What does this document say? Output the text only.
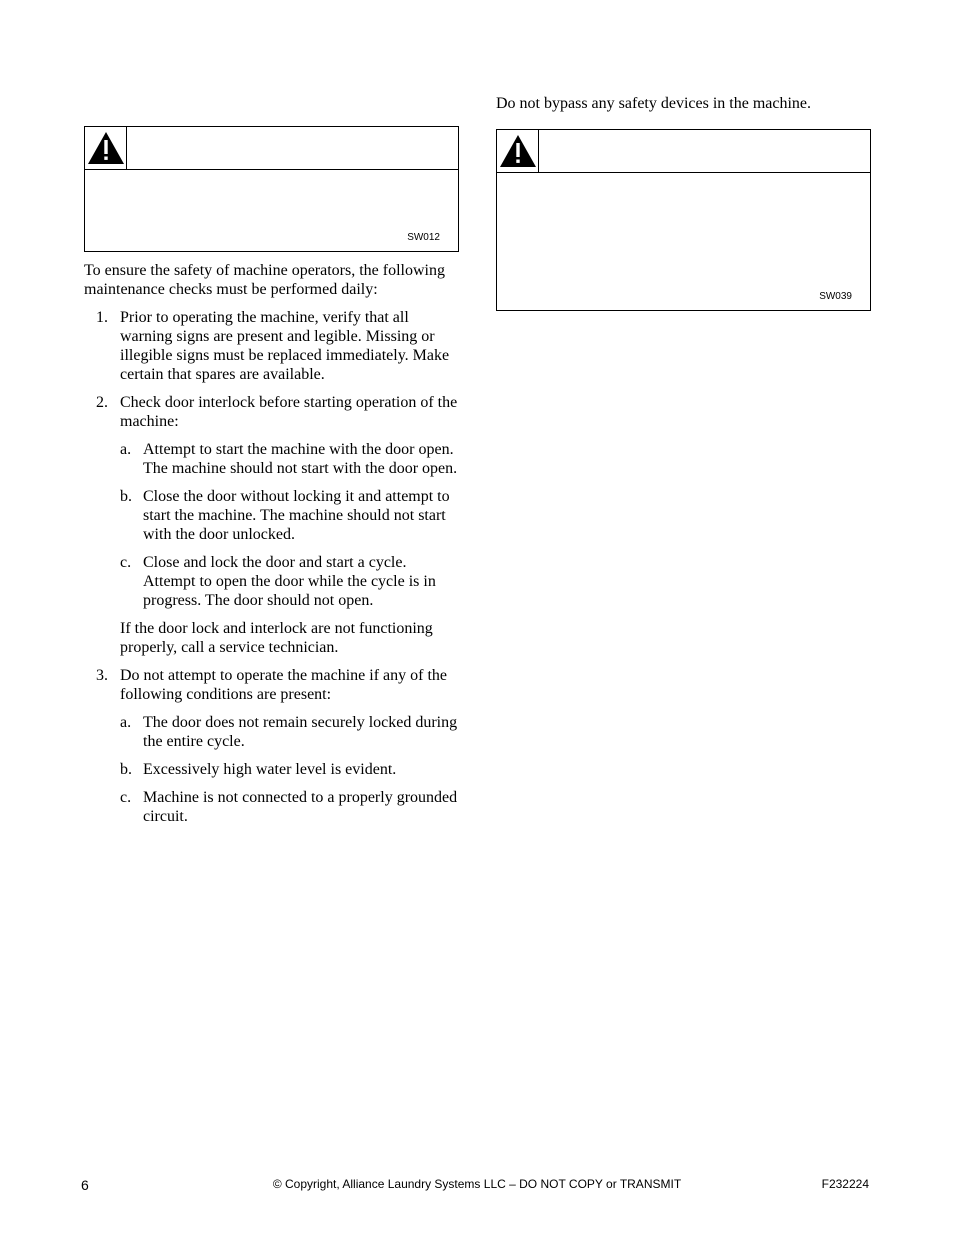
SW012

To ensure the safety of machine operators, the following maintenance checks must be performed daily:

1. Prior to operating the machine, verify that all warning signs are present and legible. Missing or illegible signs must be replaced immediately. Make certain that spares are available.
2. Check door interlock before starting operation of the machine:
a. Attempt to start the machine with the door open. The machine should not start with the door open.
b. Close the door without locking it and attempt to start the machine. The machine should not start with the door unlocked.
c. Close and lock the door and start a cycle. Attempt to open the door while the cycle is in progress. The door should not open.

If the door lock and interlock are not functioning properly, call a service technician.

3. Do not attempt to operate the machine if any of the following conditions are present:
a. The door does not remain securely locked during the entire cycle.
b. Excessively high water level is evident.
c. Machine is not connected to a properly grounded circuit.

Do not bypass any safety devices in the machine.

SW039
6	© Copyright, Alliance Laundry Systems LLC – DO NOT COPY or TRANSMIT	F232224
